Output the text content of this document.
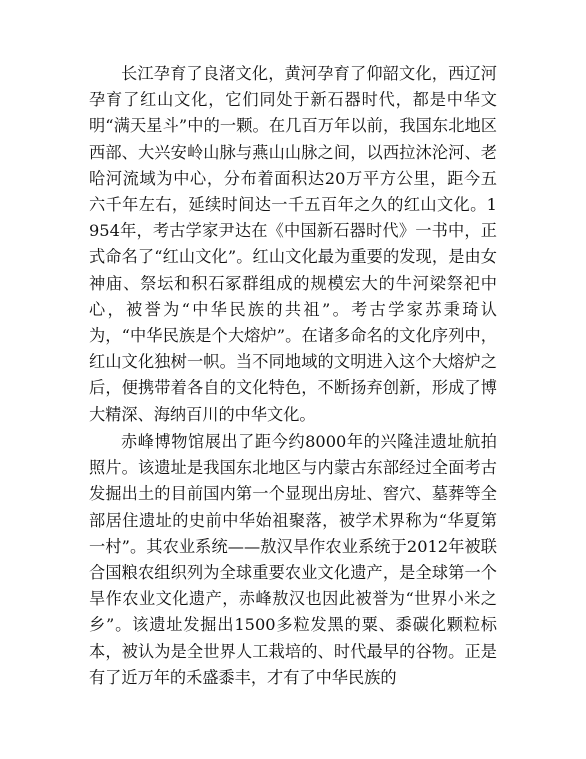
长江孕育了良渚文化，黄河孕育了仰韶文化，西辽河孕育了红山文化，它们同处于新石器时代，都是中华文明“满天星斗”中的一颗。在几百万年以前，我国东北地区西部、大兴安岭山脉与燕山山脉之间，以西拉沐沦河、老哈河流域为中心，分布着面积达20万平方公里，距今五六千年左右，延续时间达一千五百年之久的红山文化。1954年，考古学家尹达在《中国新石器时代》一书中，正式命名了“红山文化”。红山文化最为重要的发现，是由女神庙、祭坛和积石冢群组成的规模宏大的牛河梁祭祀中心，被誉为“中华民族的共祖”。考古学家苏秉琦认为，“中华民族是个大熔炉”。在诸多命名的文化序列中，红山文化独树一帜。当不同地域的文明进入这个大熔炉之后，便携带着各自的文化特色，不断扬弃创新，形成了博大精深、海纳百川的中华文化。

赤峰博物馆展出了距今约8000年的兴隆洼遗址航拍照片。该遗址是我国东北地区与内蒙古东部经过全面考古发掘出土的目前国内第一个显现出房址、窖穴、墓葬等全部居住遗址的史前中华始祖聚落，被学术界称为“华夏第一村”。其农业系统——敖汉旱作农业系统于2012年被联合国粮农组织列为全球重要农业文化遗产，是全球第一个旱作农业文化遗产，赤峰敖汉也因此被誉为“世界小米之乡”。该遗址发掘出1500多粒发黑的粟、黍碳化颗粒标本，被认为是全世界人工栽培的、时代最早的谷物。正是有了近万年的禾盛黍丰，才有了中华民族的
